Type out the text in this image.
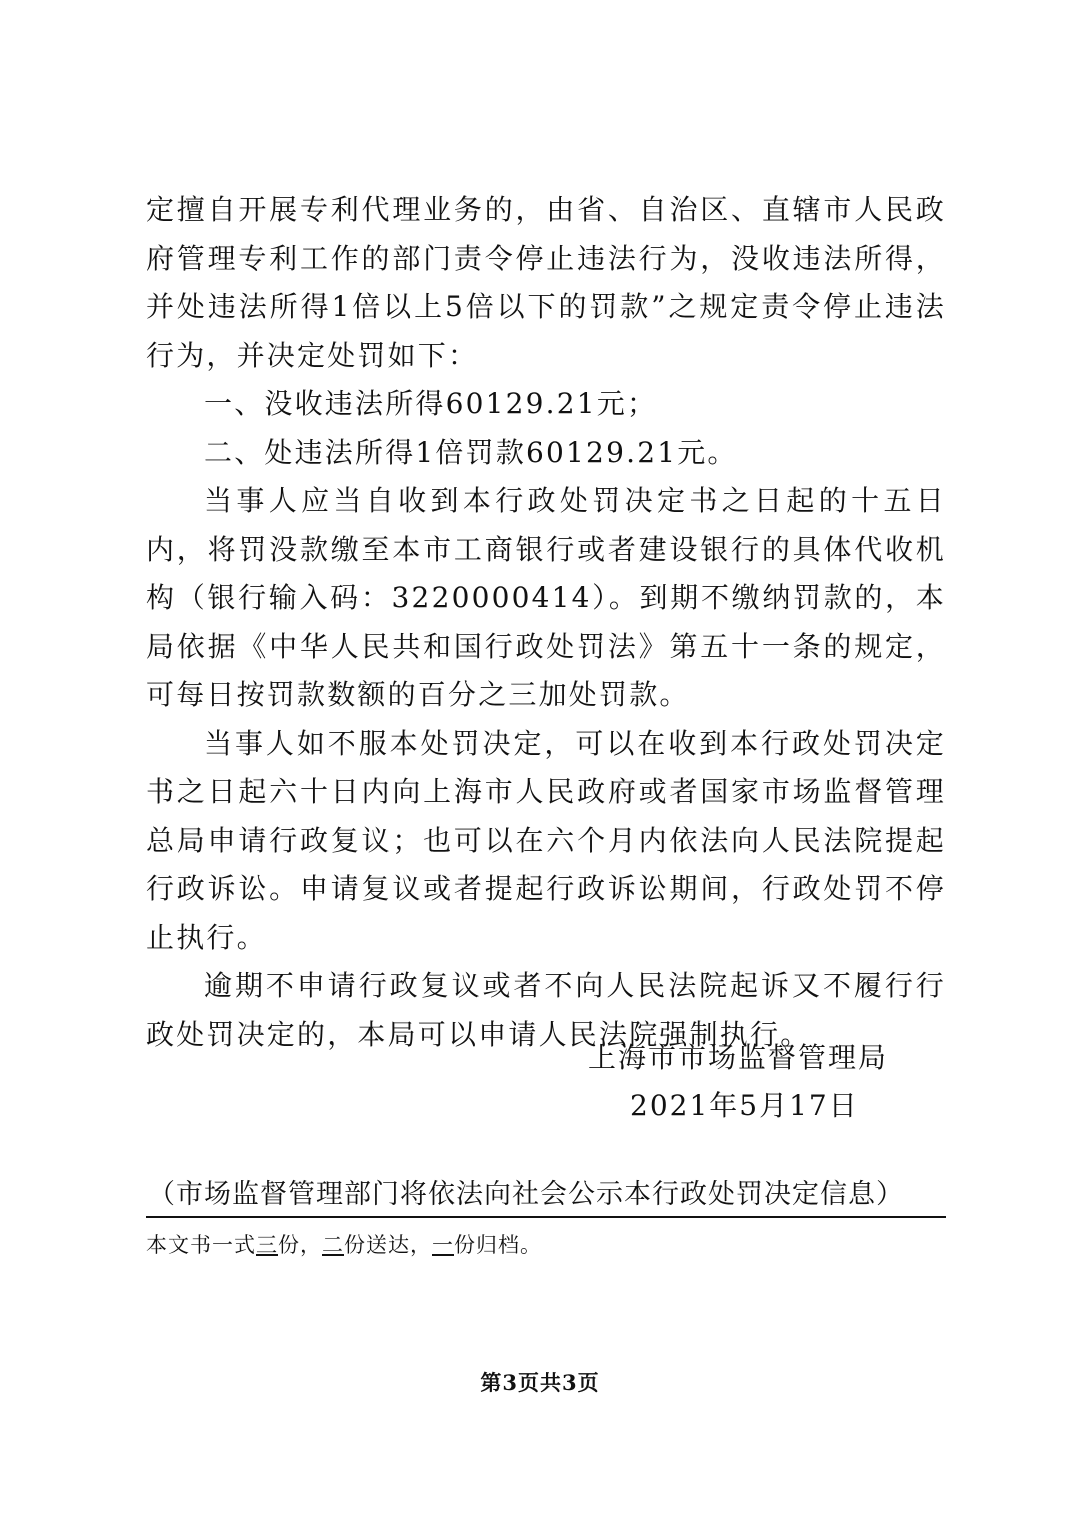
定擅自开展专利代理业务的，由省、自治区、直辖市人民政府管理专利工作的部门责令停止违法行为，没收违法所得，并处违法所得1倍以上5倍以下的罚款”之规定责令停止违法行为，并决定处罚如下：

一、没收违法所得60129.21元；

二、处违法所得1倍罚款60129.21元。

当事人应当自收到本行政处罚决定书之日起的十五日内，将罚没款缴至本市工商银行或者建设银行的具体代收机构（银行输入码：3220000414）。到期不缴纳罚款的，本局依据《中华人民共和国行政处罚法》第五十一条的规定，可每日按罚款数额的百分之三加处罚款。

当事人如不服本处罚决定，可以在收到本行政处罚决定书之日起六十日内向上海市人民政府或者国家市场监督管理总局申请行政复议；也可以在六个月内依法向人民法院提起行政诉讼。申请复议或者提起行政诉讼期间，行政处罚不停止执行。

逾期不申请行政复议或者不向人民法院起诉又不履行行政处罚决定的，本局可以申请人民法院强制执行。

上海市市场监督管理局
2021年5月17日
（市场监督管理部门将依法向社会公示本行政处罚决定信息）
本文书一式三份，二份送达，一份归档。
第3页共3页
